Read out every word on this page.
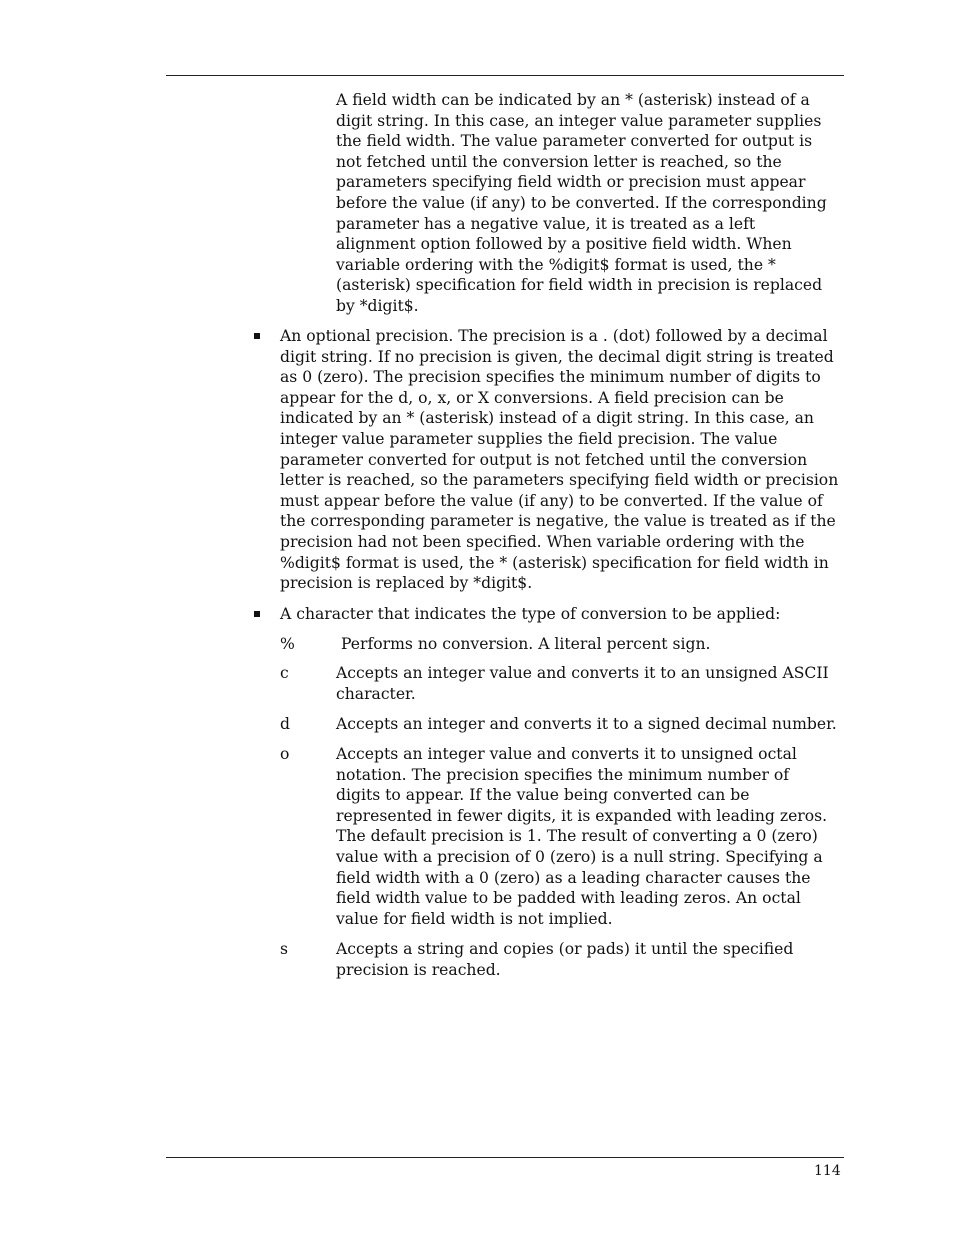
A field width can be indicated by an * (asterisk) instead of a
digit string. In this case, an integer value parameter supplies
the field width. The value parameter converted for output is
not fetched until the conversion letter is reached, so the
parameters specifying field width or precision must appear
before the value (if any) to be converted. If the corresponding
parameter has a negative value, it is treated as a left
alignment option followed by a positive field width. When
variable ordering with the %digit$ format is used, the *
(asterisk) specification for field width in precision is replaced
by *digit$.
An optional precision. The precision is a . (dot) followed by a decimal
digit string. If no precision is given, the decimal digit string is treated
as 0 (zero). The precision specifies the minimum number of digits to
appear for the d, o, x, or X conversions. A field precision can be
indicated by an * (asterisk) instead of a digit string. In this case, an
integer value parameter supplies the field precision. The value
parameter converted for output is not fetched until the conversion
letter is reached, so the parameters specifying field width or precision
must appear before the value (if any) to be converted. If the value of
the corresponding parameter is negative, the value is treated as if the
precision had not been specified. When variable ordering with the
%digit$ format is used, the * (asterisk) specification for field width in
precision is replaced by *digit$.
A character that indicates the type of conversion to be applied:
%	Performs no conversion. A literal percent sign.
c	Accepts an integer value and converts it to an unsigned ASCII
character.
d	Accepts an integer and converts it to a signed decimal number.
o	Accepts an integer value and converts it to unsigned octal
notation. The precision specifies the minimum number of
digits to appear. If the value being converted can be
represented in fewer digits, it is expanded with leading zeros.
The default precision is 1. The result of converting a 0 (zero)
value with a precision of 0 (zero) is a null string. Specifying a
field width with a 0 (zero) as a leading character causes the
field width value to be padded with leading zeros. An octal
value for field width is not implied.
s	Accepts a string and copies (or pads) it until the specified
precision is reached.
114
